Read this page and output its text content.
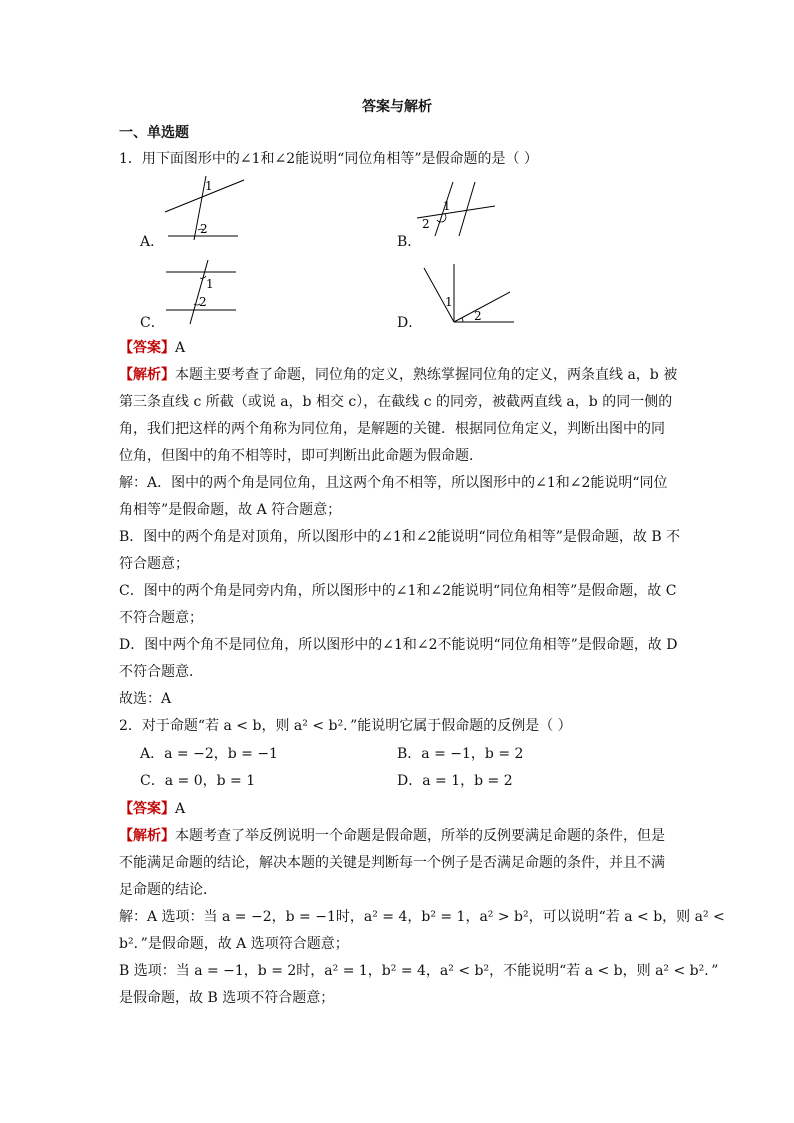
答案与解析
一、单选题
1．用下面图形中的∠1和∠2能说明“同位角相等”是假命题的是（ ）
A．
1
2
B．
1
2
C．
1
2
D．
1
2
【答案】A
【解析】本题主要考查了命题，同位角的定义，熟练掌握同位角的定义，两条直线 a，b 被
第三条直线 c 所截（或说 a，b 相交 c），在截线 c 的同旁，被截两直线 a，b 的同一侧的
角，我们把这样的两个角称为同位角，是解题的关键．根据同位角定义，判断出图中的同
位角，但图中的角不相等时，即可判断出此命题为假命题．
解：A．图中的两个角是同位角，且这两个角不相等，所以图形中的∠1和∠2能说明“同位
角相等”是假命题，故 A 符合题意；
B．图中的两个角是对顶角，所以图形中的∠1和∠2能说明“同位角相等”是假命题，故 B 不
符合题意；
C．图中的两个角是同旁内角，所以图形中的∠1和∠2能说明“同位角相等”是假命题，故 C
不符合题意；
D．图中两个角不是同位角，所以图形中的∠1和∠2不能说明“同位角相等”是假命题，故 D
不符合题意．
故选：A
2．对于命题“若 a < b，则 a² < b²．”能说明它属于假命题的反例是（ ）
A．a = −2，b = −1	B．a = −1，b = 2
C．a = 0，b = 1	D．a = 1，b = 2
【答案】A
【解析】本题考查了举反例说明一个命题是假命题，所举的反例要满足命题的条件，但是
不能满足命题的结论，解决本题的关键是判断每一个例子是否满足命题的条件，并且不满
足命题的结论．
解：A 选项：当 a = −2，b = −1时，a² = 4，b² = 1，a² > b²，可以说明“若 a < b，则 a² <
b²．”是假命题，故 A 选项符合题意；
B 选项：当 a = −1，b = 2时，a² = 1，b² = 4，a² < b²，不能说明“若 a < b，则 a² < b²．”
是假命题，故 B 选项不符合题意；
